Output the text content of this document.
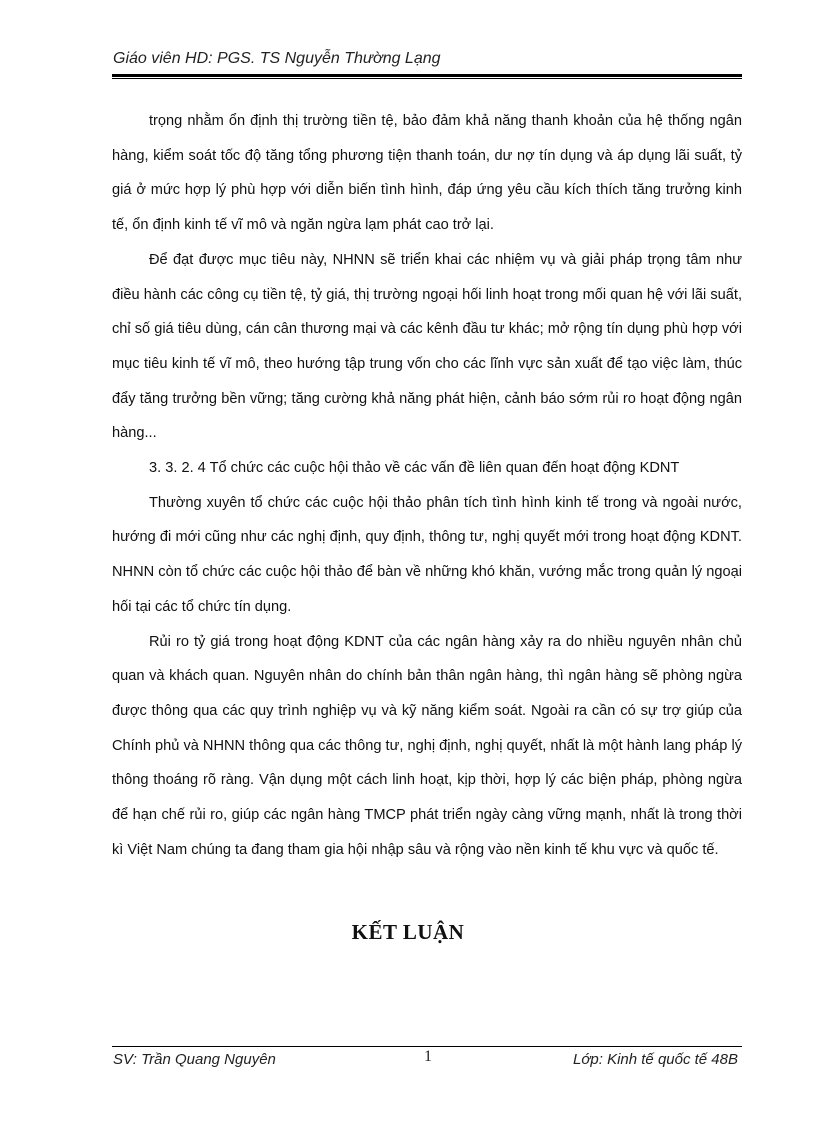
Giáo viên HD: PGS. TS Nguyễn Thường Lạng

trọng nhằm ổn định thị trường tiền tệ, bảo đảm khả năng thanh khoản của hệ thống ngân hàng, kiểm soát tốc độ tăng tổng phương tiện thanh toán, dư nợ tín dụng và áp dụng lãi suất, tỷ giá ở mức hợp lý phù hợp với diễn biến tình hình, đáp ứng yêu cầu kích thích tăng trưởng kinh tế, ổn định kinh tế vĩ mô và ngăn ngừa lạm phát cao trở lại.

Để đạt được mục tiêu này, NHNN sẽ triển khai các nhiệm vụ và giải pháp trọng tâm như điều hành các công cụ tiền tệ, tỷ giá, thị trường ngoại hối linh hoạt trong mối quan hệ với lãi suất, chỉ số giá tiêu dùng, cán cân thương mại và các kênh đầu tư khác; mở rộng tín dụng phù hợp với mục tiêu kinh tế vĩ mô, theo hướng tập trung vốn cho các lĩnh vực sản xuất để tạo việc làm, thúc đẩy tăng trưởng bền vững; tăng cường khả năng phát hiện, cảnh báo sớm rủi ro hoạt động ngân hàng...

3. 3. 2. 4 Tổ chức các cuộc hội thảo về các vấn đề liên quan đến hoạt động KDNT

Thường xuyên tổ chức các cuộc hội thảo phân tích tình hình kinh tế trong và ngoài nước, hướng đi mới cũng như các nghị định, quy định, thông tư, nghị quyết mới trong hoạt động KDNT. NHNN còn tổ chức các cuộc hội thảo để bàn về những khó khăn, vướng mắc trong quản lý ngoại hối tại các tổ chức tín dụng.

Rủi ro tỷ giá trong hoạt động KDNT của các ngân hàng xảy ra do nhiều nguyên nhân chủ quan và khách quan. Nguyên nhân do chính bản thân ngân hàng, thì ngân hàng sẽ phòng ngừa được thông qua các quy trình nghiệp vụ và kỹ năng kiểm soát. Ngoài ra cần có sự trợ giúp của Chính phủ và NHNN thông qua các thông tư, nghị định, nghị quyết, nhất là một hành lang pháp lý thông thoáng rõ ràng. Vận dụng một cách linh hoạt, kịp thời, hợp lý các biện pháp, phòng ngừa để hạn chế rủi ro, giúp các ngân hàng TMCP phát triển ngày càng vững mạnh, nhất là trong thời kì Việt Nam chúng ta đang tham gia hội nhập sâu và rộng vào nền kinh tế khu vực và quốc tế.

KẾT LUẬN
SV: Trần Quang Nguyên	1	Lớp: Kinh tế quốc tế 48B
